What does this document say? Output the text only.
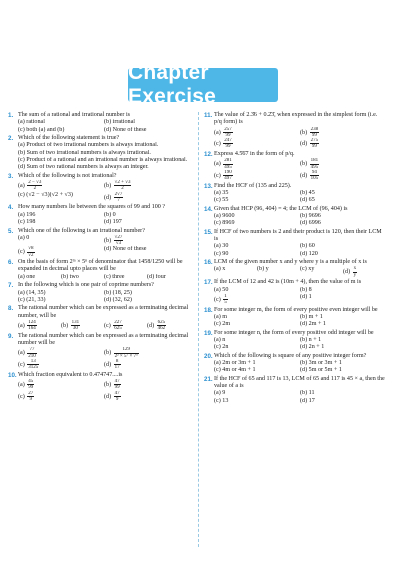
Chapter Exercise
1. The sum of a rational and irrational number is
(a) rational	(b) irrational
(c) both (a) and (b)	(d) None of these
2. Which of the following statement is true?
(a) Product of two irrational numbers is always irrational.
(b) Sum of two irrational numbers is always irrational.
(c) Product of a rational and an irrational number is always irrational.
(d) Sum of two rational numbers is always an integer.
3. Which of the following is not irrational?
$(a) \frac{2 - √3}{2}$	$(b) \frac{√2 + √3}{2}$
(c) (√2 − √3)(√2 + √3)
$(d) \frac{2√7}{7}$
4. How many numbers lie between the squares of 99 and 100 ?
(a) 196	(b) 0
(c) 198	(d) 197
5. Which one of the following is an irrational number?
(a) 0
$(b) \frac{√27}{√3}$
$(c) \frac{√8}{√2}$	(d) None of these
6. On the basis of form 2ᵐ × 5ⁿ of denominator that 1458/1250 will be expanded in decimal upto places will be
(a) one	(b) two	(c) three	(d) four
7. In the following which is one pair of coprime numbers?
(a) (14, 35)	(b) (18, 25)
(c) (21, 33)	(d) (32, 62)
8. The rational number which can be expressed as a terminating decimal number, will be
$(a) \frac{124}{164}$	$(b) \frac{131}{30}$	$(c) \frac{227}{625}$	$(d) \frac{625}{462}$
9. The rational number which can be expressed as a terminating decimal number will be
$(a) \frac{77}{210}$	$(b) \frac{129}{\text{2² × 5⁷ × 7⁵}}$
$(c) \frac{13}{3125}$	$(d) \frac{8}{17}$
10. Which fraction equivalent to 0.474747....is
$(a) \frac{45}{99}$	$(b) \frac{47}{99}$
$(c) \frac{27}{9}$	$(d) \frac{47}{9}$
11. The value of 2.3̄6 + 0.2̄3̄, when expressed in the simplest form (i.e. p/q form) is
$(a) \frac{257}{99}$	$(b) \frac{238}{99}$
$(c) \frac{247}{99}$	$(d) \frac{275}{99}$
12. Express 4.5̄6̄7 in the form of p/q.
$(a) \frac{281}{495}$	$(b) \frac{181}{495}$
$(c) \frac{190}{497}$	$(d) \frac{94}{105}$
13. Find the HCF of (135 and 225).
(a) 35	(b) 45
(c) 55	(d) 65
14. Given that HCP (96, 404) = 4; the LCM of (96, 404) is
(a) 9600	(b) 9696
(c) 8969	(d) 6996
15. If HCF of two numbers is 2 and their product is 120, then their LCM is
(a) 30	(b) 60
(c) 90	(d) 120
16. LCM of the given number x and y where y is a multiple of x is
(a) x	(b) y	(c) xy
$(d) \frac{x}{y}$
17. If the LCM of 12 and 42 is (10m + 4), then the value of m is
(a) 50	(b) 8
$(c) \frac{1}{5}$	(d) 1
18. For some integer m, the form of every positive even integer will be
(a) m	(b) m + 1
(c) 2m	(d) 2m + 1
19. For some integer n, the form of every positive odd integer will be
(a) n	(b) n + 1
(c) 2n	(d) 2n + 1
20. Which of the following is square of any positive integer form?
(a) 2m or 3m + 1	(b) 3m or 3m + 1
(c) 4m or 4m + 1	(d) 5m or 5m + 1
21. If the HCF of 65 and 117 is 13, LCM of 65 and 117 is 45 × a, then the value of a is
(a) 9	(b) 11
(c) 13	(d) 17
